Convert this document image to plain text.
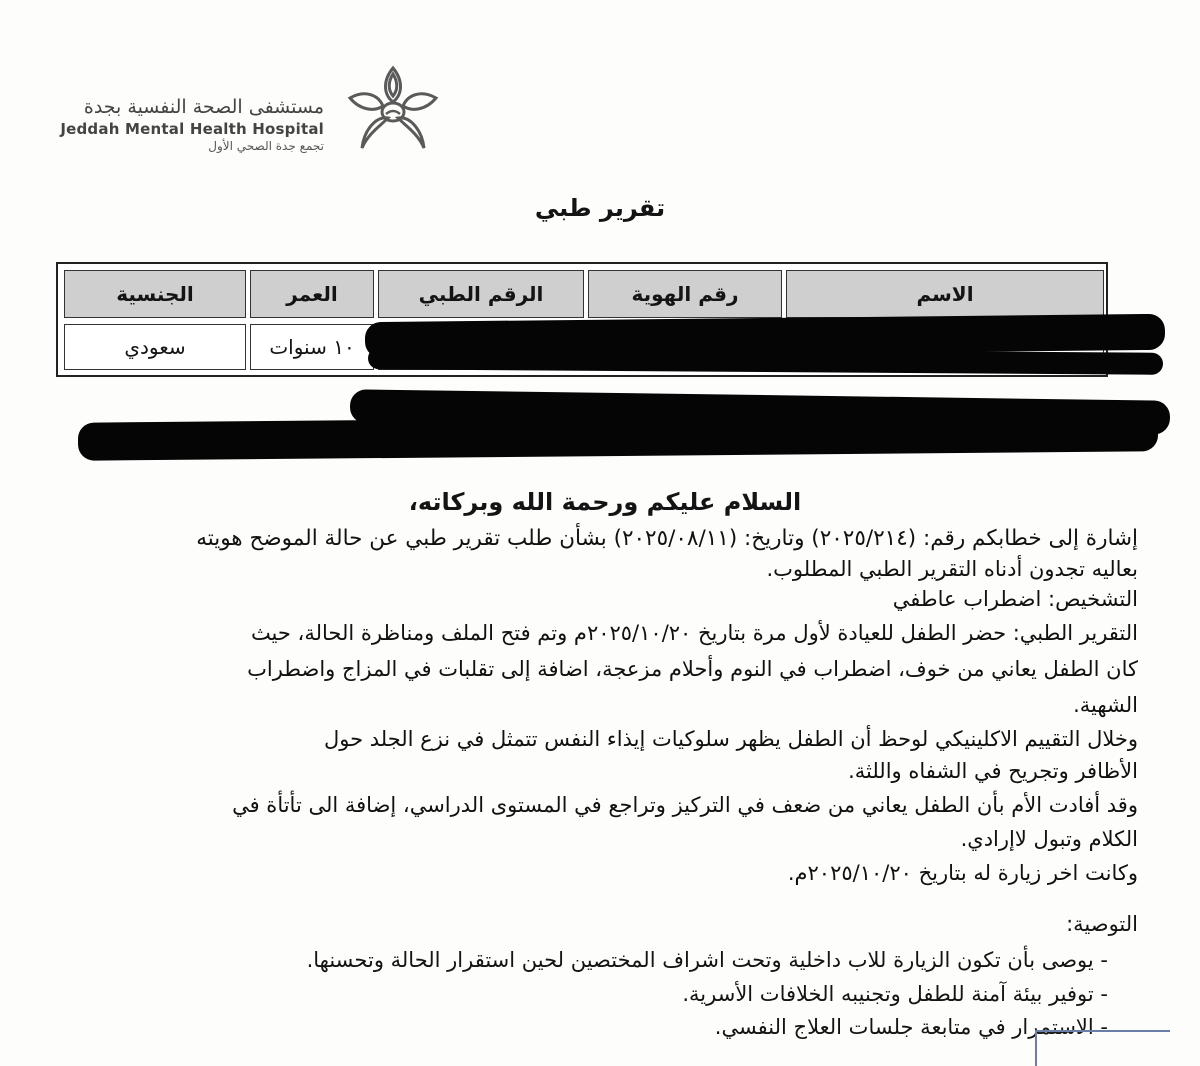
مستشفى الصحة النفسية بجدة
Jeddah Mental Health Hospital
تجمع جدة الصحي الأول
تقرير طبي
الاسم
رقم الهوية
الرقم الطبي
العمر
الجنسية
١٠ سنوات
سعودي
السلام عليكم ورحمة الله وبركاته،
إشارة إلى خطابكم رقم: (٢٠٢٥/٢١٤) وتاريخ: (٢٠٢٥/٠٨/١١) بشأن طلب تقرير طبي عن حالة الموضح هويته
بعاليه تجدون أدناه التقرير الطبي المطلوب.
التشخيص: اضطراب عاطفي
التقرير الطبي: حضر الطفل للعيادة لأول مرة بتاريخ ٢٠٢٥/١٠/٢٠م وتم فتح الملف ومناظرة الحالة، حيث
كان الطفل يعاني من خوف، اضطراب في النوم وأحلام مزعجة، اضافة إلى تقلبات في المزاج واضطراب
الشهية.
وخلال التقييم الاكلينيكي لوحظ أن الطفل يظهر سلوكيات إيذاء النفس تتمثل في نزع الجلد حول
الأظافر وتجريح في الشفاه واللثة.
وقد أفادت الأم بأن الطفل يعاني من ضعف في التركيز وتراجع في المستوى الدراسي، إضافة الى تأتأة في
الكلام وتبول لاإرادي.
وكانت اخر زيارة له بتاريخ ٢٠٢٥/١٠/٢٠م.
التوصية:
- يوصى بأن تكون الزيارة للاب داخلية وتحت اشراف المختصين لحين استقرار الحالة وتحسنها.
- توفير بيئة آمنة للطفل وتجنيبه الخلافات الأسرية.
- الاستمرار في متابعة جلسات العلاج النفسي.
